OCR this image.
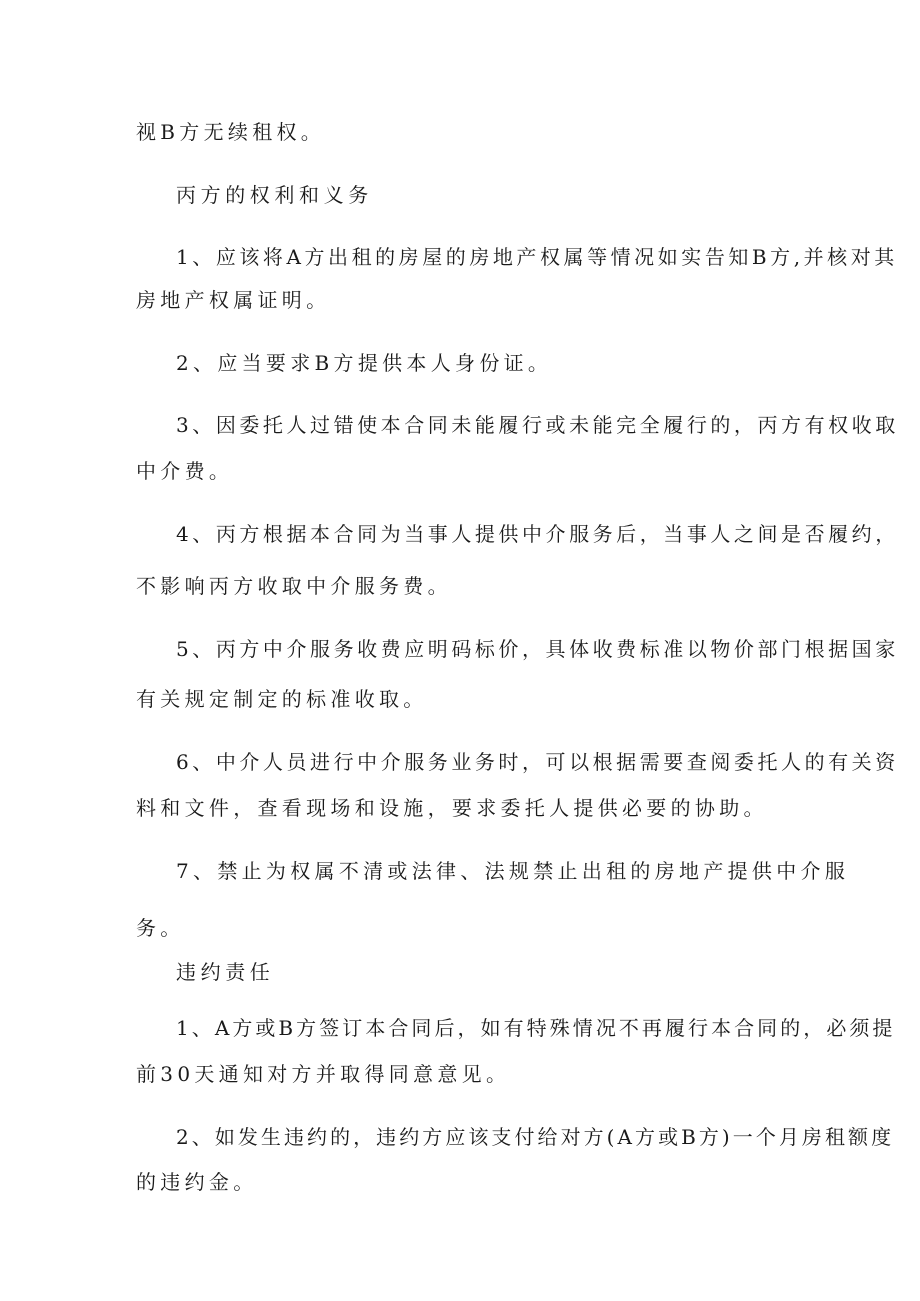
视B方无续租权。

丙方的权利和义务

1、应该将A方出租的房屋的房地产权属等情况如实告知B方,并核对其

房地产权属证明。

2、应当要求B方提供本人身份证。

3、因委托人过错使本合同未能履行或未能完全履行的，丙方有权收取

中介费。

4、丙方根据本合同为当事人提供中介服务后，当事人之间是否履约，

不影响丙方收取中介服务费。

5、丙方中介服务收费应明码标价，具体收费标准以物价部门根据国家

有关规定制定的标准收取。

6、中介人员进行中介服务业务时，可以根据需要查阅委托人的有关资

料和文件，查看现场和设施，要求委托人提供必要的协助。

7、禁止为权属不清或法律、法规禁止出租的房地产提供中介服

务。

违约责任

1、A方或B方签订本合同后，如有特殊情况不再履行本合同的，必须提

前30天通知对方并取得同意意见。

2、如发生违约的，违约方应该支付给对方(A方或B方)一个月房租额度

的违约金。
